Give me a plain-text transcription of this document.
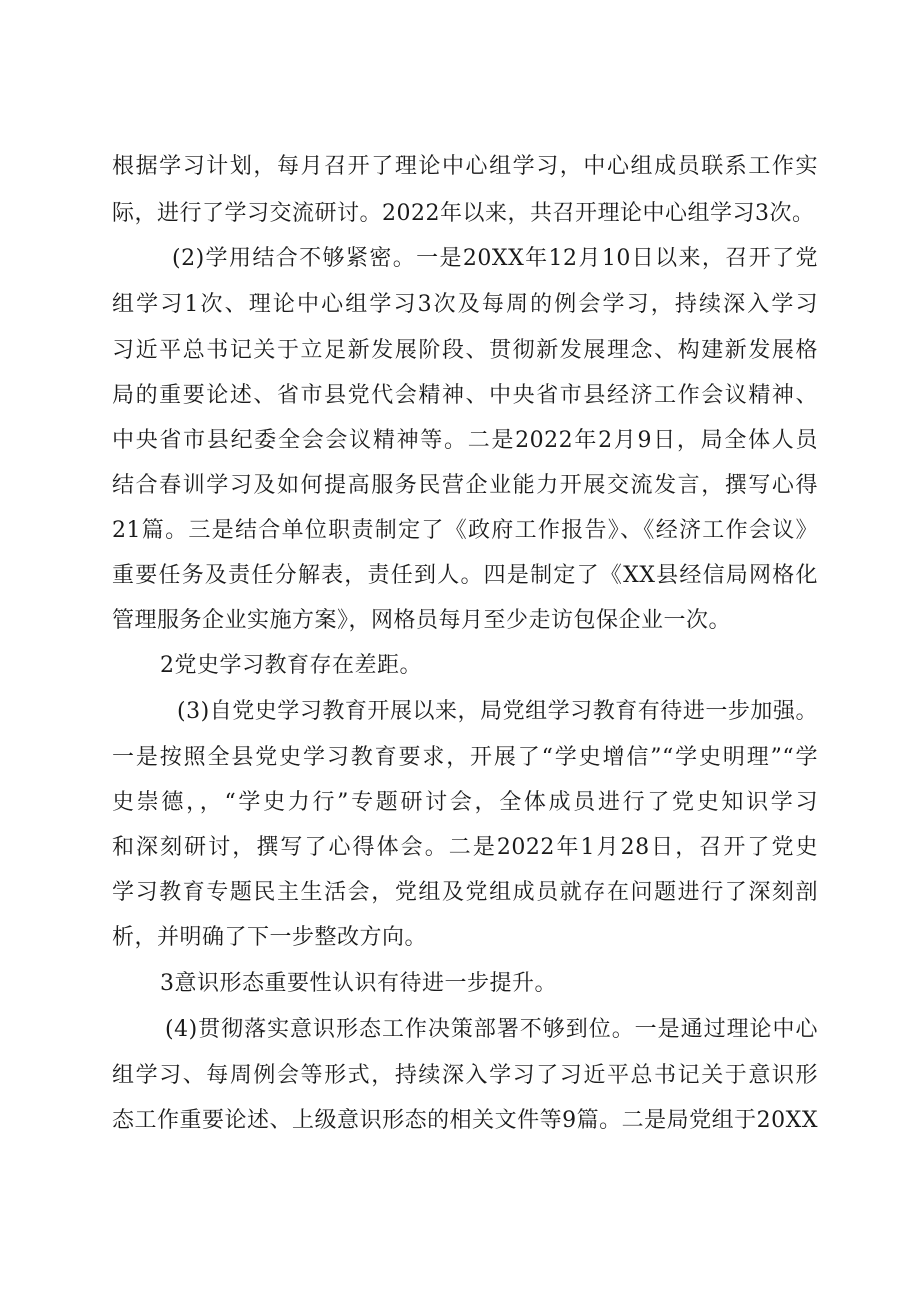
根据学习计划，每月召开了理论中心组学习，中心组成员联系工作实
际，进行了学习交流研讨。2022年以来，共召开理论中心组学习3次。
(2)学用结合不够紧密。一是20XX年12月10日以来，召开了党
组学习1次、理论中心组学习3次及每周的例会学习，持续深入学习
习近平总书记关于立足新发展阶段、贯彻新发展理念、构建新发展格
局的重要论述、省市县党代会精神、中央省市县经济工作会议精神、
中央省市县纪委全会会议精神等。二是2022年2月9日，局全体人员
结合春训学习及如何提高服务民营企业能力开展交流发言，撰写心得
21篇。三是结合单位职责制定了《政府工作报告》、《经济工作会议》
重要任务及责任分解表，责任到人。四是制定了《XX县经信局网格化
管理服务企业实施方案》，网格员每月至少走访包保企业一次。
2党史学习教育存在差距。
(3)自党史学习教育开展以来，局党组学习教育有待进一步加强。
一是按照全县党史学习教育要求，开展了“学史增信”“学史明理”“学
史崇德，，“学史力行”专题研讨会，全体成员进行了党史知识学习
和深刻研讨，撰写了心得体会。二是2022年1月28日，召开了党史
学习教育专题民主生活会，党组及党组成员就存在问题进行了深刻剖
析，并明确了下一步整改方向。
3意识形态重要性认识有待进一步提升。
(4)贯彻落实意识形态工作决策部署不够到位。一是通过理论中心
组学习、每周例会等形式，持续深入学习了习近平总书记关于意识形
态工作重要论述、上级意识形态的相关文件等9篇。二是局党组于20XX
